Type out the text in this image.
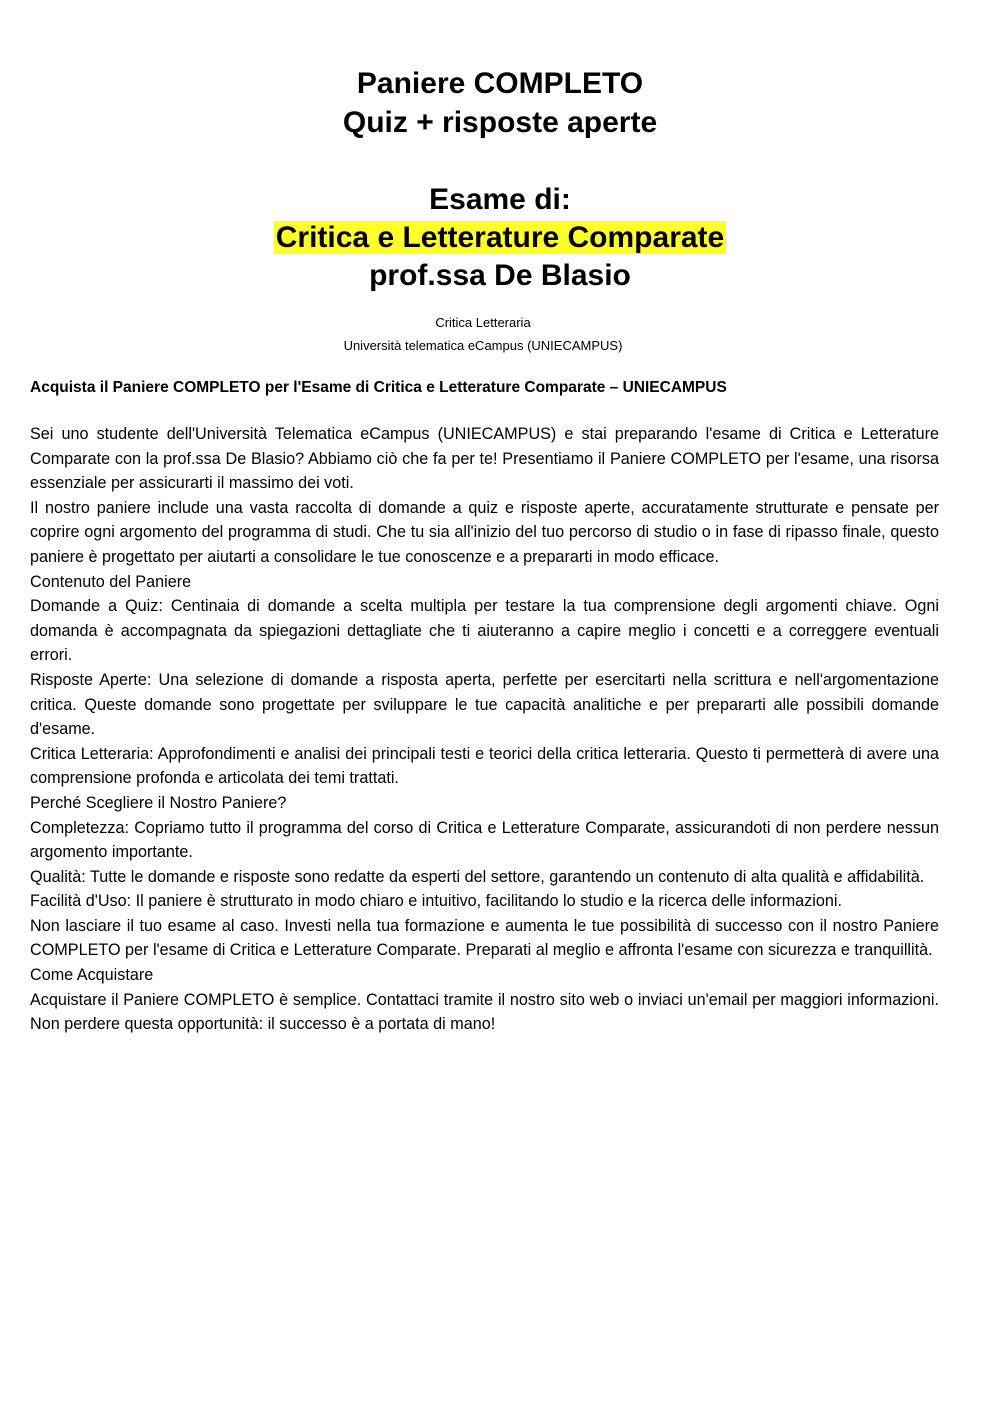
Paniere COMPLETO
Quiz + risposte aperte
Esame di:
Critica e Letterature Comparate
prof.ssa De Blasio
Critica Letteraria
Università telematica eCampus (UNIECAMPUS)
Acquista il Paniere COMPLETO per l'Esame di Critica e Letterature Comparate – UNIECAMPUS

Sei uno studente dell'Università Telematica eCampus (UNIECAMPUS) e stai preparando l'esame di Critica e Letterature Comparate con la prof.ssa De Blasio? Abbiamo ciò che fa per te! Presentiamo il Paniere COMPLETO per l'esame, una risorsa essenziale per assicurarti il massimo dei voti.

Il nostro paniere include una vasta raccolta di domande a quiz e risposte aperte, accuratamente strutturate e pensate per coprire ogni argomento del programma di studi. Che tu sia all'inizio del tuo percorso di studio o in fase di ripasso finale, questo paniere è progettato per aiutarti a consolidare le tue conoscenze e a prepararti in modo efficace.

Contenuto del Paniere

Domande a Quiz: Centinaia di domande a scelta multipla per testare la tua comprensione degli argomenti chiave. Ogni domanda è accompagnata da spiegazioni dettagliate che ti aiuteranno a capire meglio i concetti e a correggere eventuali errori.

Risposte Aperte: Una selezione di domande a risposta aperta, perfette per esercitarti nella scrittura e nell'argomentazione critica. Queste domande sono progettate per sviluppare le tue capacità analitiche e per prepararti alle possibili domande d'esame.

Critica Letteraria: Approfondimenti e analisi dei principali testi e teorici della critica letteraria. Questo ti permetterà di avere una comprensione profonda e articolata dei temi trattati.

Perché Scegliere il Nostro Paniere?

Completezza: Copriamo tutto il programma del corso di Critica e Letterature Comparate, assicurandoti di non perdere nessun argomento importante.

Qualità: Tutte le domande e risposte sono redatte da esperti del settore, garantendo un contenuto di alta qualità e affidabilità.

Facilità d'Uso: Il paniere è strutturato in modo chiaro e intuitivo, facilitando lo studio e la ricerca delle informazioni.

Non lasciare il tuo esame al caso. Investi nella tua formazione e aumenta le tue possibilità di successo con il nostro Paniere COMPLETO per l'esame di Critica e Letterature Comparate. Preparati al meglio e affronta l'esame con sicurezza e tranquillità.

Come Acquistare

Acquistare il Paniere COMPLETO è semplice. Contattaci tramite il nostro sito web o inviaci un'email per maggiori informazioni. Non perdere questa opportunità: il successo è a portata di mano!
